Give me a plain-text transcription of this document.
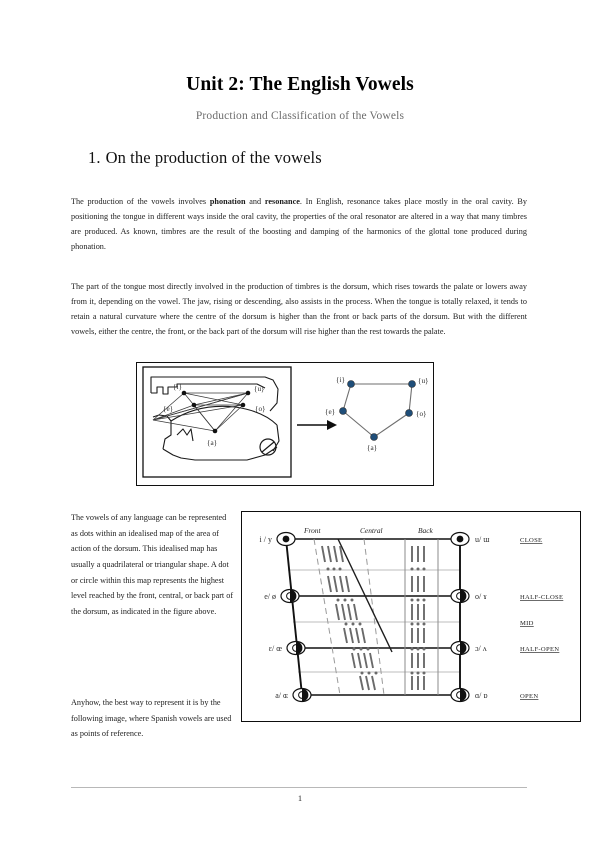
Unit 2: The English Vowels
Production and Classification of the Vowels
1. On the production of the vowels

The production of the vowels involves phonation and resonance. In English, resonance takes place mostly in the oral cavity. By positioning the tongue in different ways inside the oral cavity, the properties of the oral resonator are altered in a way that many timbres are produced. As known, timbres are the result of the boosting and damping of the harmonics of the glottal tone produced during phonation.

The part of the tongue most directly involved in the production of timbres is the dorsum, which rises towards the palate or lowers away from it, depending on the vowel. The jaw, rising or descending, also assists in the process. When the tongue is totally relaxed, it tends to retain a natural curvature where the centre of the dorsum is higher than the front or back parts of the dorsum. But with the different vowels, either the centre, the front, or the back part of the dorsum will rise higher than the rest towards the palate.

{i}	{u}
{e}	{o}
{a}
{i}	{u}
{e}	{o}
{a}

The vowels of any language can be represented as dots within an idealised map of the area of action of the dorsum. This idealised map has usually a quadrilateral or triangular shape. A dot or circle within this map represents the highest level reached by the front, central, or back part of the dorsum, as indicated in the figure above.

Anyhow, the best way to represent it is by the following image, where Spanish vowels are used as points of reference.

Front	Central	Back
i / y
e/ ø
ɛ/ œ
a/ ɶ
u/ ɯ
o/ ɤ
ɔ/ ʌ
ɑ/ ɒ
CLOSE
HALF-CLOSE
MID
HALF-OPEN
OPEN
1
